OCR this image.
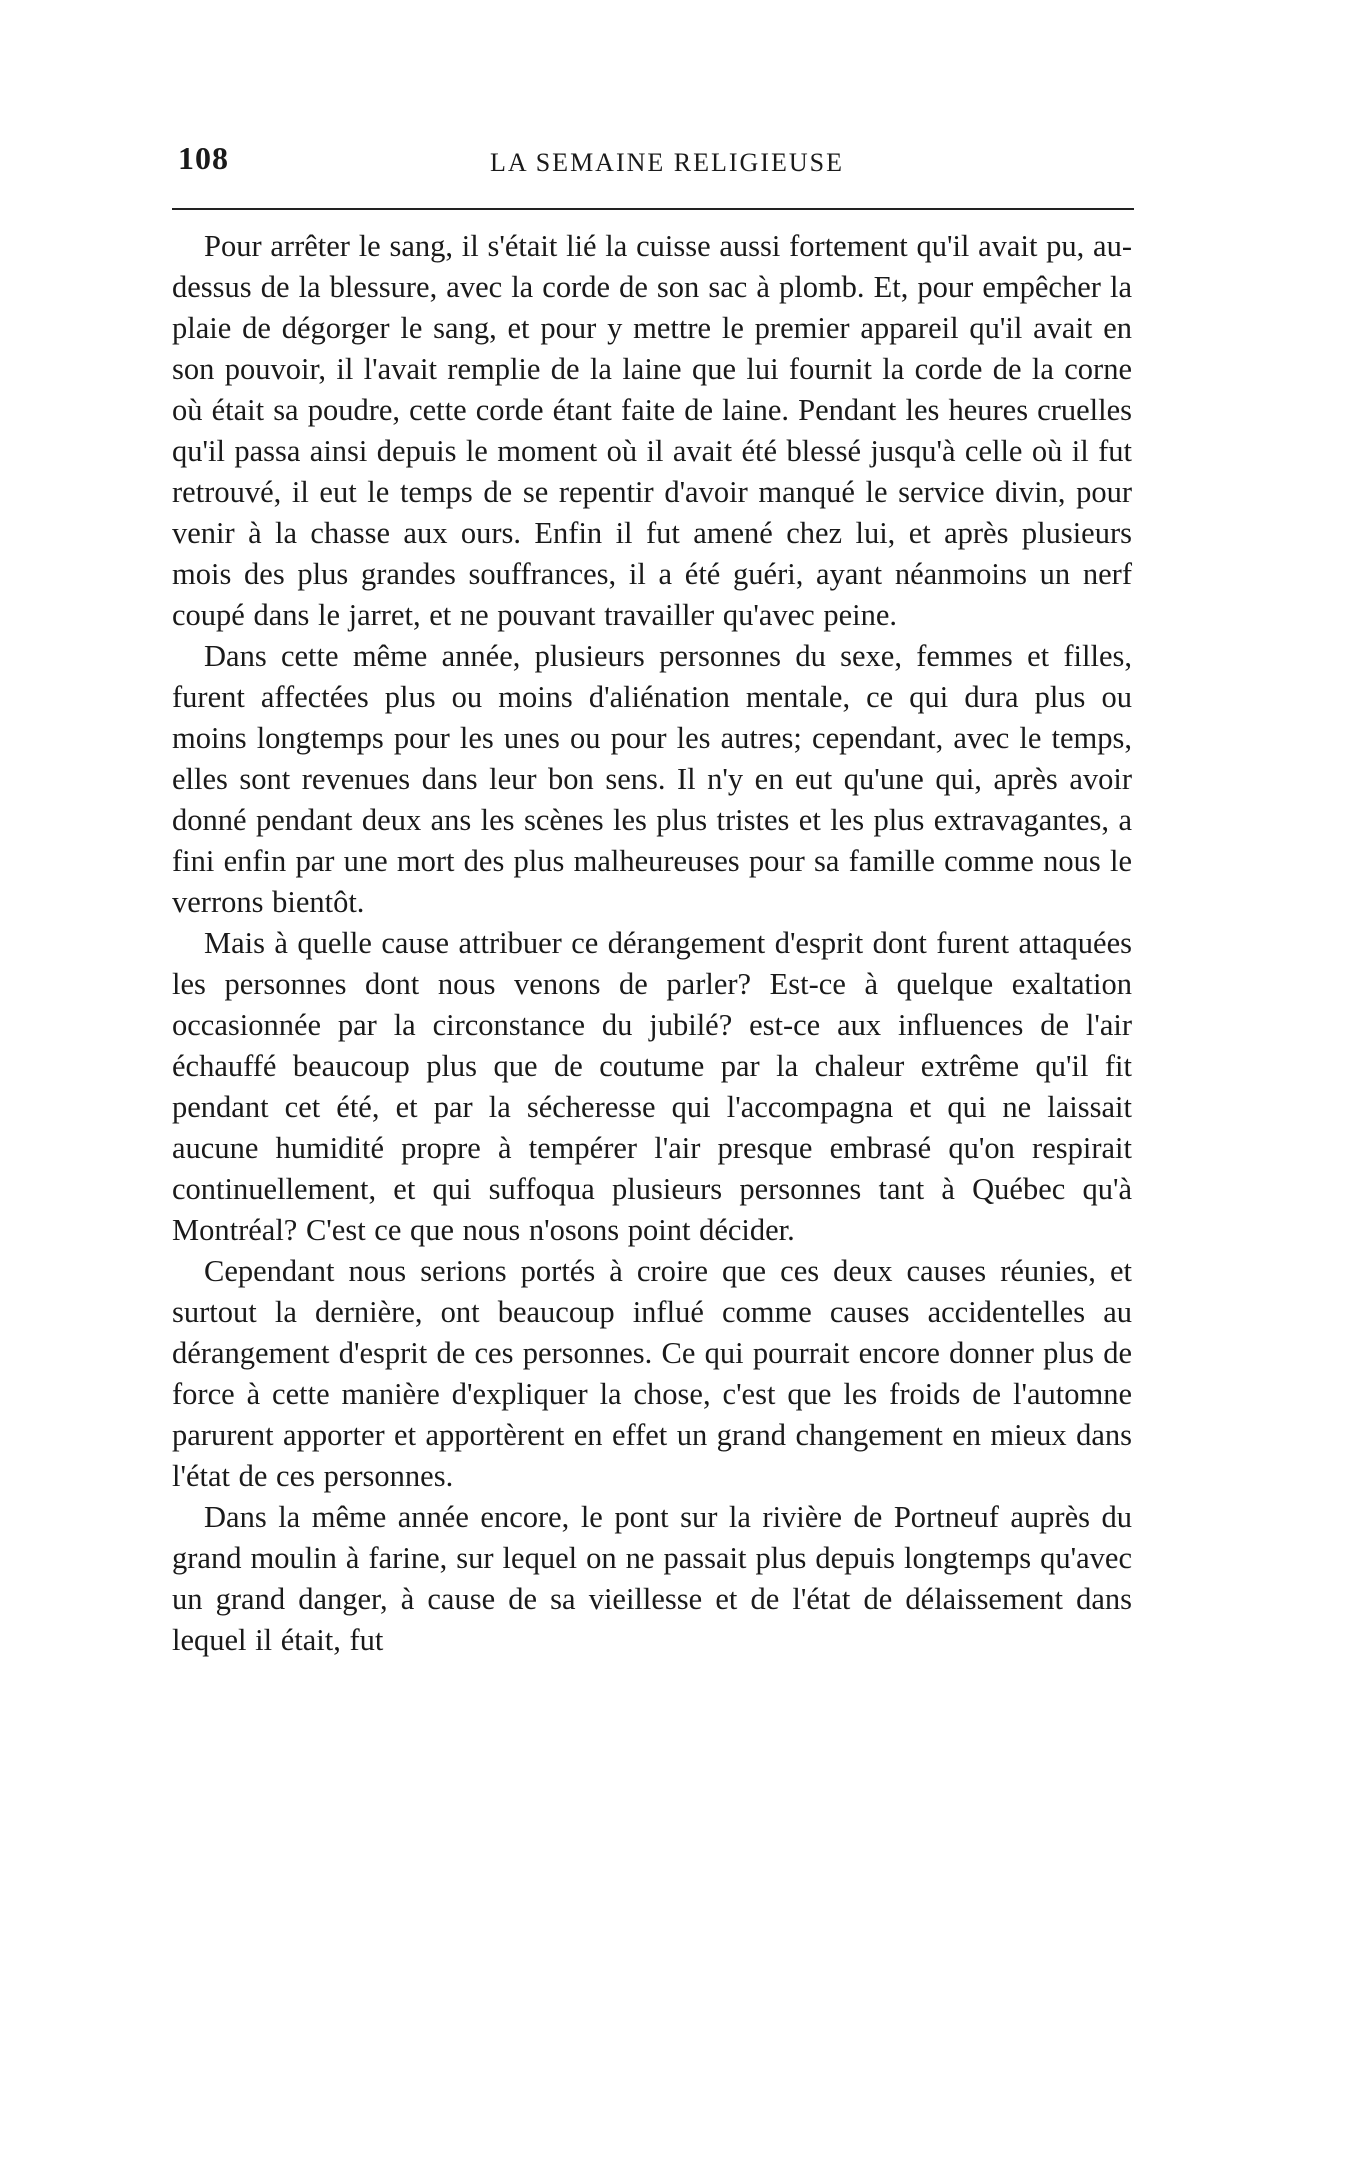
108	LA SEMAINE RELIGIEUSE

Pour arrêter le sang, il s'était lié la cuisse aussi fortement qu'il avait pu, au-dessus de la blessure, avec la corde de son sac à plomb. Et, pour empêcher la plaie de dégorger le sang, et pour y mettre le premier appareil qu'il avait en son pouvoir, il l'avait remplie de la laine que lui fournit la corde de la corne où était sa poudre, cette corde étant faite de laine. Pendant les heures cruelles qu'il passa ainsi depuis le moment où il avait été blessé jusqu'à celle où il fut retrouvé, il eut le temps de se repentir d'avoir manqué le service divin, pour venir à la chasse aux ours. Enfin il fut amené chez lui, et après plusieurs mois des plus grandes souffrances, il a été guéri, ayant néanmoins un nerf coupé dans le jarret, et ne pouvant travailler qu'avec peine.

Dans cette même année, plusieurs personnes du sexe, femmes et filles, furent affectées plus ou moins d'aliénation mentale, ce qui dura plus ou moins longtemps pour les unes ou pour les autres; cependant, avec le temps, elles sont revenues dans leur bon sens. Il n'y en eut qu'une qui, après avoir donné pendant deux ans les scènes les plus tristes et les plus extravagantes, a fini enfin par une mort des plus malheureuses pour sa famille comme nous le verrons bientôt.

Mais à quelle cause attribuer ce dérangement d'esprit dont furent attaquées les personnes dont nous venons de parler? Est-ce à quelque exaltation occasionnée par la circonstance du jubilé? est-ce aux influences de l'air échauffé beaucoup plus que de coutume par la chaleur extrême qu'il fit pendant cet été, et par la sécheresse qui l'accompagna et qui ne laissait aucune humidité propre à tempérer l'air presque embrasé qu'on respirait continuellement, et qui suffoqua plusieurs personnes tant à Québec qu'à Montréal? C'est ce que nous n'osons point décider.

Cependant nous serions portés à croire que ces deux causes réunies, et surtout la dernière, ont beaucoup influé comme causes accidentelles au dérangement d'esprit de ces personnes. Ce qui pourrait encore donner plus de force à cette manière d'expliquer la chose, c'est que les froids de l'automne parurent apporter et apportèrent en effet un grand changement en mieux dans l'état de ces personnes.

Dans la même année encore, le pont sur la rivière de Portneuf auprès du grand moulin à farine, sur lequel on ne passait plus depuis longtemps qu'avec un grand danger, à cause de sa vieillesse et de l'état de délaissement dans lequel il était, fut
